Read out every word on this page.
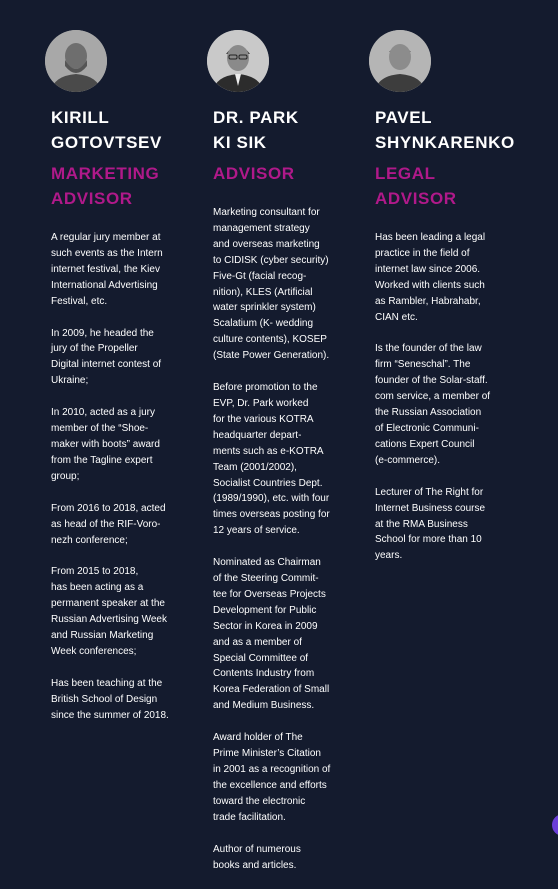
KIRILL
GOTOVTSEV
MARKETING
ADVISOR

A regular jury member at
such events as the Intern
internet festival, the Kiev
International Advertising
Festival, etc.

In 2009, he headed the
jury of the Propeller
Digital internet contest of
Ukraine;

In 2010, acted as a jury
member of the “Shoe-
maker with boots” award
from the Tagline expert
group;

From 2016 to 2018, acted
as head of the RIF-Voro-
nezh conference;

From 2015 to 2018,
has been acting as a
permanent speaker at the
Russian Advertising Week
and Russian Marketing
Week conferences;

Has been teaching at the
British School of Design
since the summer of 2018.

DR. PARK
KI SIK
ADVISOR

Marketing consultant for
management strategy
and overseas marketing
to CIDISK (cyber security)
Five-Gt (facial recog-
nition), KLES (Artificial
water sprinkler system)
Scalatium (K- wedding
culture contents), KOSEP
(State Power Generation).

Before promotion to the
EVP, Dr. Park worked
for the various KOTRA
headquarter depart-
ments such as e-KOTRA
Team (2001/2002),
Socialist Countries Dept.
(1989/1990), etc. with four
times overseas posting for
12 years of service.

Nominated as Chairman
of the Steering Commit-
tee for Overseas Projects
Development for Public
Sector in Korea in 2009
and as a member of
Special Committee of
Contents Industry from
Korea Federation of Small
and Medium Business.

Award holder of The
Prime Minister’s Citation
in 2001 as a recognition of
the excellence and efforts
toward the electronic
trade facilitation.

Author of numerous
books and articles.

PAVEL
SHYNKARENKO
LEGAL
ADVISOR

Has been leading a legal
practice in the field of
internet law since 2006.
Worked with clients such
as Rambler, Habrahabr,
CIAN etc.

Is the founder of the law
firm “Seneschal”. The
founder of the Solar-staff.
com service, a member of
the Russian Association
of Electronic Communi-
cations Expert Council
(e-commerce).

Lecturer of The Right for
Internet Business course
at the RMA Business
School for more than 10
years.
